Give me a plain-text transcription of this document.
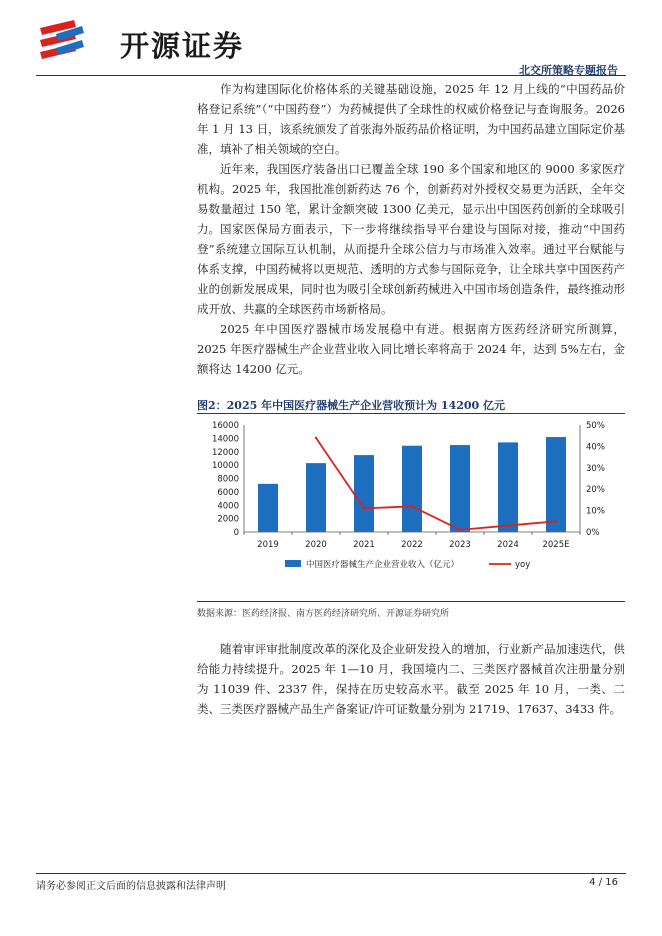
开源证券
北交所策略专题报告

作为构建国际化价格体系的关键基础设施，2025 年 12 月上线的“中国药品价格登记系统”（“中国药登”）为药械提供了全球性的权威价格登记与查询服务。2026 年 1 月 13 日，该系统颁发了首张海外版药品价格证明，为中国药品建立国际定价基准，填补了相关领域的空白。

近年来，我国医疗装备出口已覆盖全球 190 多个国家和地区的 9000 多家医疗机构。2025 年，我国批准创新药达 76 个，创新药对外授权交易更为活跃，全年交易数量超过 150 笔，累计金额突破 1300 亿美元，显示出中国医药创新的全球吸引力。 国家医保局方面表示，下一步将继续指导平台建设与国际对接，推动“中国药登”系统建立国际互认机制，从而提升全球公信力与市场准入效率。通过平台赋能与体系支撑，中国药械将以更规范、透明的方式参与国际竞争，让全球共享中国医药产业的创新发展成果，同时也为吸引全球创新药械进入中国市场创造条件，最终推动形成开放、共赢的全球医药市场新格局。

2025 年中国医疗器械市场发展稳中有进。根据南方医药经济研究所测算，2025 年医疗器械生产企业营业收入同比增长率将高于 2024 年，达到 5%左右，金额将达 14200 亿元。

图2：2025 年中国医疗器械生产企业营收预计为 14200 亿元
16000
14000
12000
10000
8000
6000
4000
2000
0
50%
40%
30%
20%
10%
0%
2019	2020	2021	2022	2023	2024	2025E
中国医疗器械生产企业营业收入（亿元）	yoy
数据来源：医药经济报、南方医药经济研究所、开源证券研究所

随着审评审批制度改革的深化及企业研发投入的增加，行业新产品加速迭代，供给能力持续提升。2025 年 1—10 月，我国境内二、三类医疗器械首次注册量分别为 11039 件、2337 件，保持在历史较高水平。截至 2025 年 10 月，一类、二类、三类医疗器械产品生产备案证/许可证数量分别为 21719、17637、3433 件。

请务必参阅正文后面的信息披露和法律声明	4 / 16
